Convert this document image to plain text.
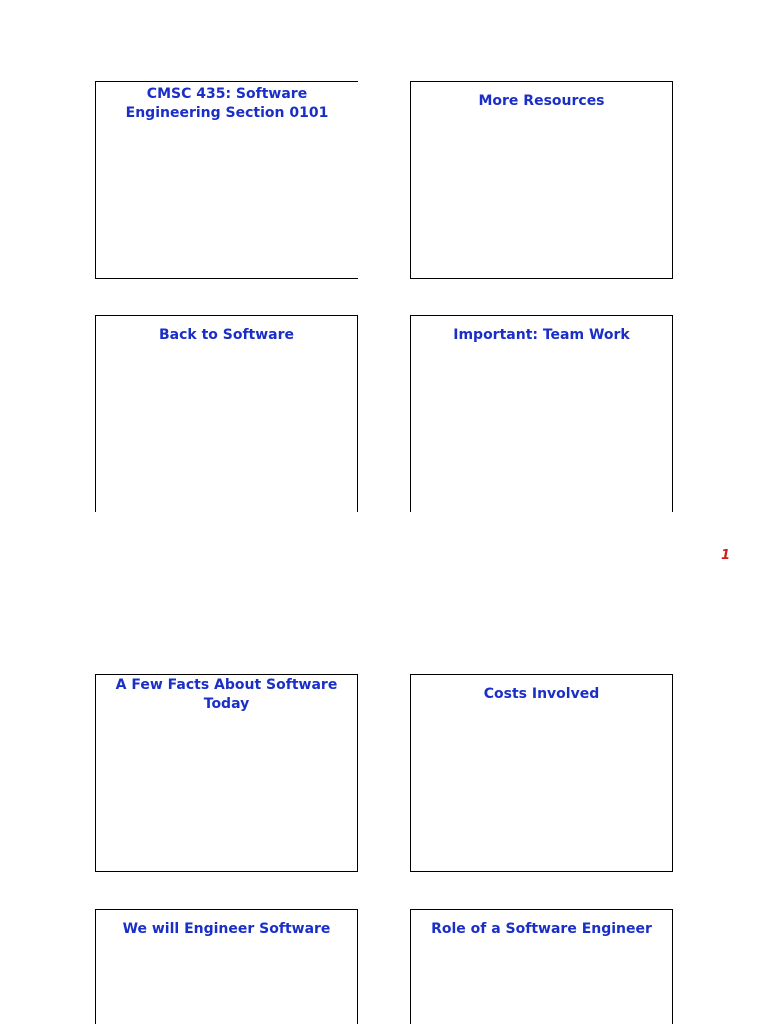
CMSC 435: Software
Engineering Section 0101
More Resources
Back to Software	Important: Team Work
1
A Few Facts About Software
Today
Costs Involved
We will Engineer Software	Role of a Software Engineer
